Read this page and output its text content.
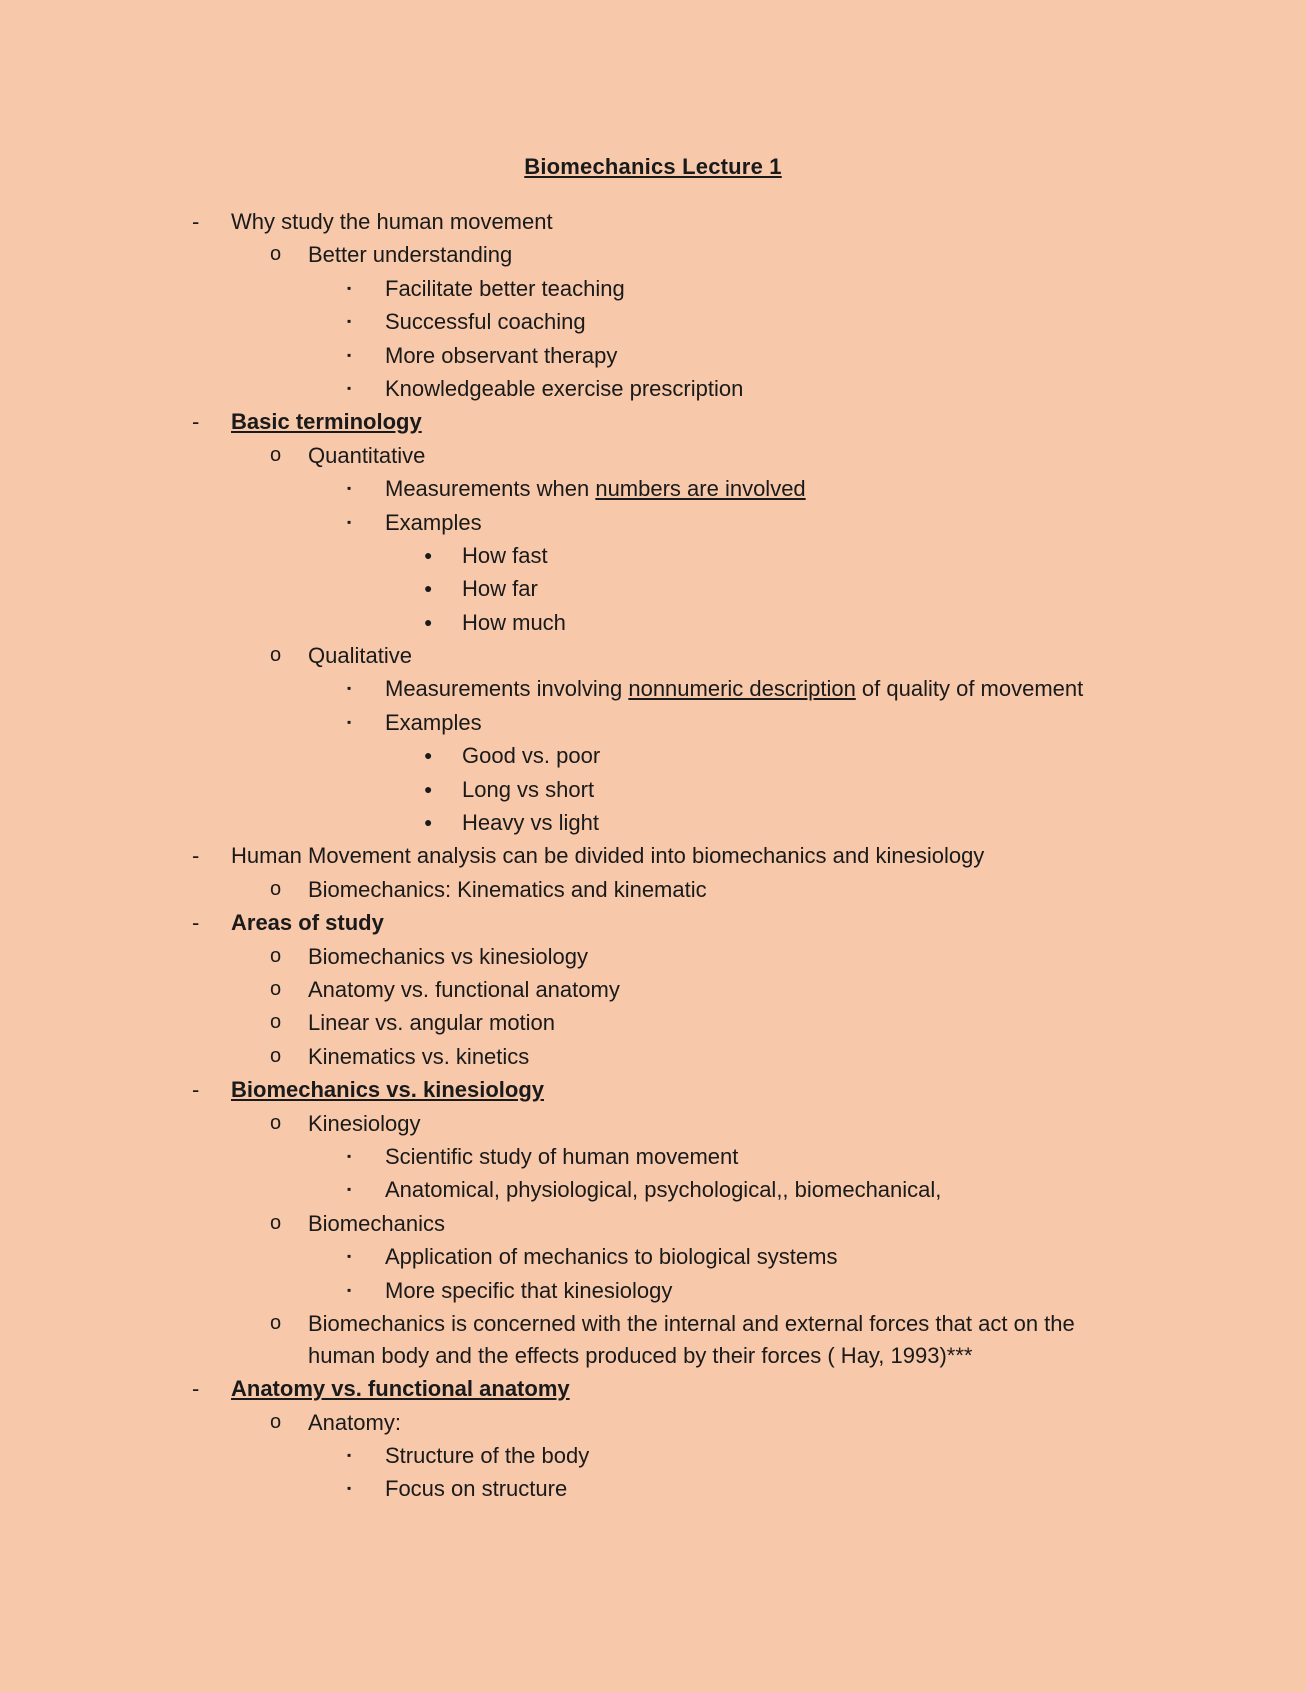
Biomechanics Lecture 1
- Why study the human movement
o Better understanding
▪ Facilitate better teaching
▪ Successful coaching
▪ More observant therapy
▪ Knowledgeable exercise prescription
- Basic terminology
o Quantitative
▪ Measurements when numbers are involved
▪ Examples
● How fast
● How far
● How much
o Qualitative
▪ Measurements involving nonnumeric description of quality of movement
▪ Examples
● Good vs. poor
● Long vs short
● Heavy vs light
- Human Movement analysis can be divided into biomechanics and kinesiology
o Biomechanics: Kinematics and kinematic
- Areas of study
o Biomechanics vs kinesiology
o Anatomy vs. functional anatomy
o Linear vs. angular motion
o Kinematics vs. kinetics
- Biomechanics vs. kinesiology
o Kinesiology
▪ Scientific study of human movement
▪ Anatomical, physiological, psychological,, biomechanical,
o Biomechanics
▪ Application of mechanics to biological systems
▪ More specific that kinesiology
o Biomechanics is concerned with the internal and external forces that act on the
human body and the effects produced by their forces ( Hay, 1993)***
- Anatomy vs. functional anatomy
o Anatomy:
▪ Structure of the body
▪ Focus on structure
